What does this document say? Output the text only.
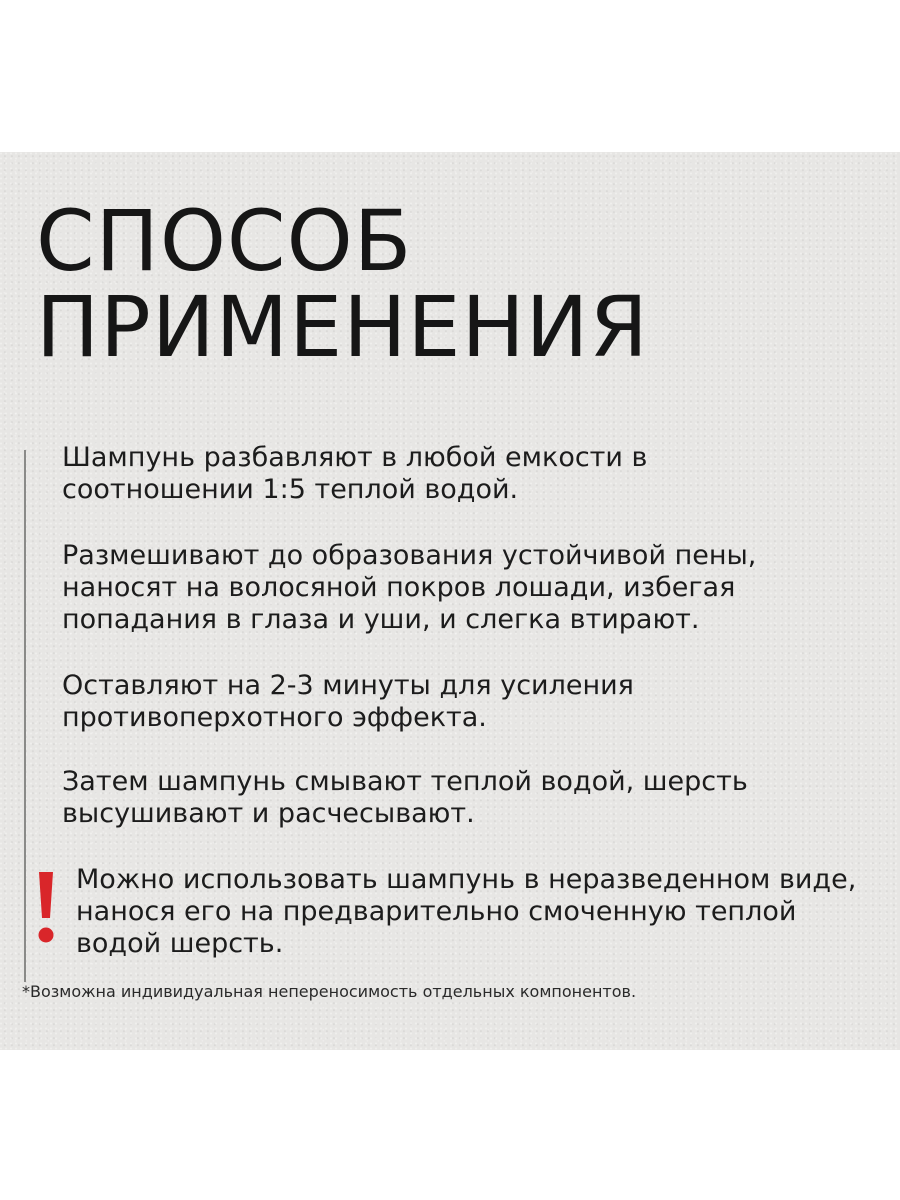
СПОСОБ
ПРИМЕНЕНИЯ

Шампунь разбавляют в любой емкости в
соотношении 1:5 теплой водой.

Размешивают до образования устойчивой пены,
наносят на волосяной покров лошади, избегая
попадания в глаза и уши, и слегка втирают.

Оставляют на 2-3 минуты для усиления
противоперхотного эффекта.

Затем шампунь смывают теплой водой, шерсть
высушивают и расчесывают.

Можно использовать шампунь в неразведенном виде,
нанося его на предварительно смоченную теплой
водой шерсть.

*Возможна индивидуальная непереносимость отдельных компонентов.
